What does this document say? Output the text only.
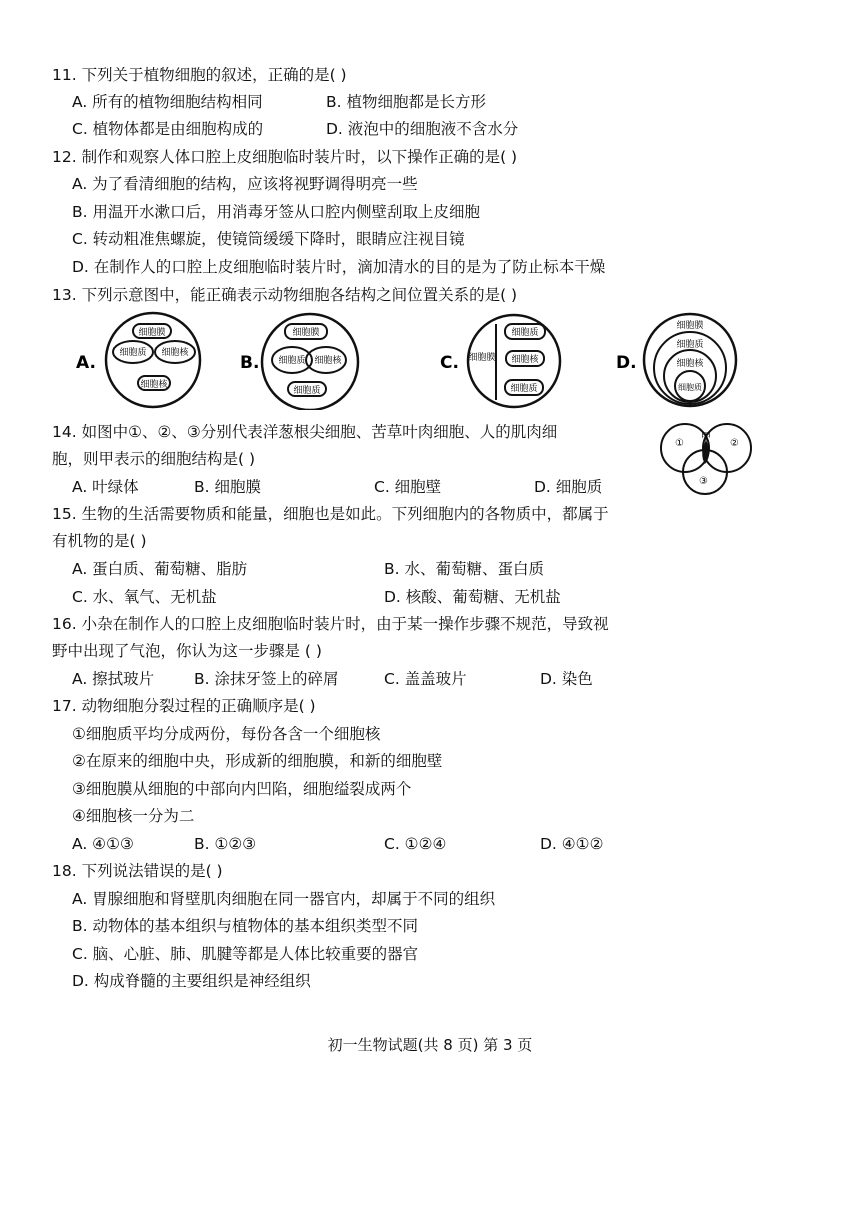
11. 下列关于植物细胞的叙述，正确的是( )
A. 所有的植物细胞结构相同	B. 植物细胞都是长方形
C. 植物体都是由细胞构成的	D. 液泡中的细胞液不含水分
12. 制作和观察人体口腔上皮细胞临时装片时，以下操作正确的是( )
A. 为了看清细胞的结构，应该将视野调得明亮一些
B. 用温开水漱口后，用消毒牙签从口腔内侧壁刮取上皮细胞
C. 转动粗准焦螺旋，使镜筒缓缓下降时，眼睛应注视目镜
D. 在制作人的口腔上皮细胞临时装片时，滴加清水的目的是为了防止标本干燥
13. 下列示意图中，能正确表示动物细胞各结构之间位置关系的是( )
A.
细胞膜
细胞质 细胞核
细胞核
B.
细胞膜
细胞质 细胞核
细胞质
C. 细胞膜
细胞质
细胞核
细胞质
D.
细胞膜
细胞质
细胞核
细胞质
14. 如图中①、②、③分别代表洋葱根尖细胞、苦草叶肉细胞、人的肌肉细
胞，则甲表示的细胞结构是( )
①
甲
②
③
A. 叶绿体	B. 细胞膜	C. 细胞壁	D. 细胞质
15. 生物的生活需要物质和能量，细胞也是如此。下列细胞内的各物质中，都属于
有机物的是( )
A. 蛋白质、葡萄糖、脂肪	B. 水、葡萄糖、蛋白质
C. 水、氧气、无机盐	D. 核酸、葡萄糖、无机盐
16. 小杂在制作人的口腔上皮细胞临时装片时，由于某一操作步骤不规范，导致视
野中出现了气泡，你认为这一步骤是 ( )
A. 擦拭玻片	B. 涂抹牙签上的碎屑	C. 盖盖玻片	D. 染色
17. 动物细胞分裂过程的正确顺序是( )
①细胞质平均分成两份，每份各含一个细胞核
②在原来的细胞中央，形成新的细胞膜，和新的细胞壁
③细胞膜从细胞的中部向内凹陷，细胞缢裂成两个
④细胞核一分为二
A. ④①③	B. ①②③	C. ①②④	D. ④①②
18. 下列说法错误的是( )
A. 胃腺细胞和肾壁肌肉细胞在同一器官内，却属于不同的组织
B. 动物体的基本组织与植物体的基本组织类型不同
C. 脑、心脏、肺、肌腱等都是人体比较重要的器官
D. 构成脊髓的主要组织是神经组织
初一生物试题(共 8 页) 第 3 页
